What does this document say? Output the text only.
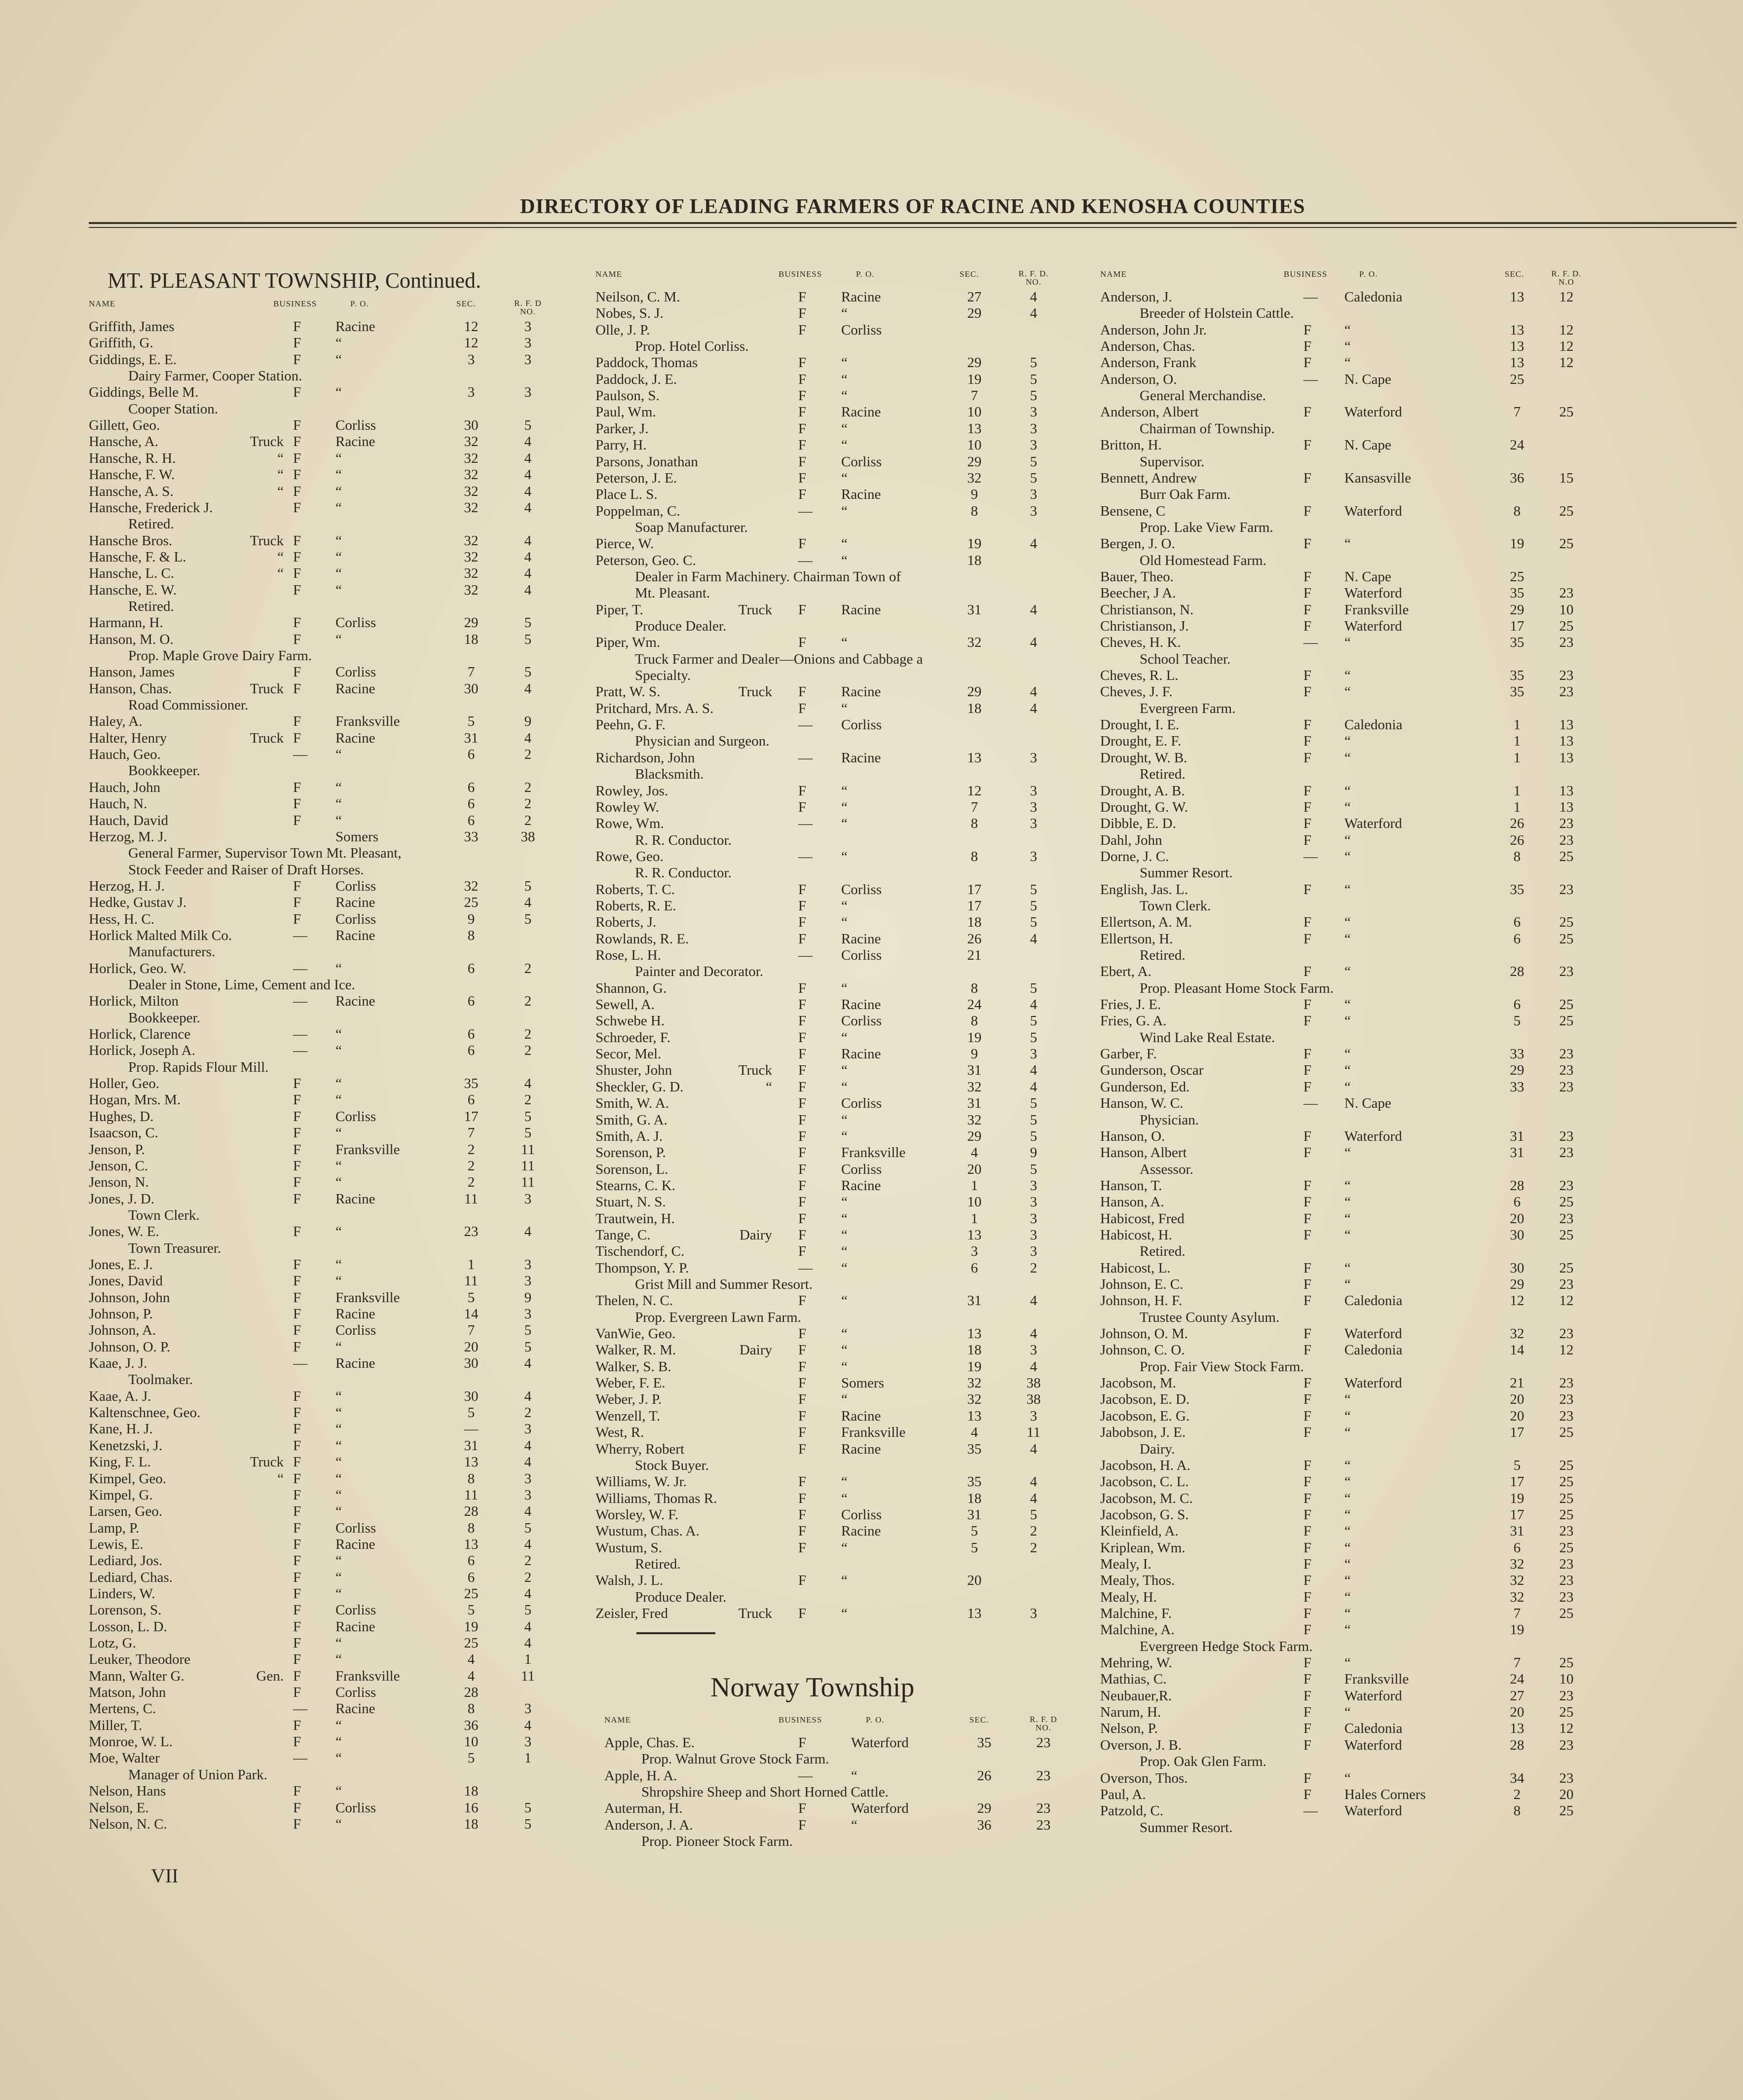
DIRECTORY OF LEADING FARMERS OF RACINE AND KENOSHA COUNTIES
MT. PLEASANT TOWNSHIP, Continued.
NAME	BUSINESS	P. O.	SEC.	R. F. D NO.
Griffith, James	F Racine	12	3
Griffith, G.	F “	12	3
Giddings, E. E.	F “	3	3
Dairy Farmer, Cooper Station.
Giddings, Belle M.	F “	3	3
Cooper Station.
Gillett, Geo.	F Corliss	30	5
Hansche, A.	Truck F Racine	32	4
Hansche, R. H.	“ F “	32	4
Hansche, F. W.	“ F “	32	4
Hansche, A. S.	“ F “	32	4
Hansche, Frederick J.	F “	32	4
Retired.
Hansche Bros.	Truck F “	32	4
Hansche, F. & L.	“ F “	32	4
Hansche, L. C.	“ F “	32	4
Hansche, E. W.	F “	32	4
Retired.
Harmann, H.	F Corliss	29	5
Hanson, M. O.	F “	18	5
Prop. Maple Grove Dairy Farm.
Hanson, James	F Corliss	7	5
Hanson, Chas.	Truck F Racine	30	4
Road Commissioner.
Haley, A.	F Franksville	5	9
Halter, Henry	Truck F Racine	31	4
Hauch, Geo.	— “	6	2
Bookkeeper.
Hauch, John	F “	6	2
Hauch, N.	F “	6	2
Hauch, David	F “	6	2
Herzog, M. J.	Somers	33	38
General Farmer, Supervisor Town Mt. Pleasant,
Stock Feeder and Raiser of Draft Horses.
Herzog, H. J.	F Corliss	32	5
Hedke, Gustav J.	F Racine	25	4
Hess, H. C.	F Corliss	9	5
Horlick Malted Milk Co.	— Racine	8
Manufacturers.
Horlick, Geo. W.	— “	6	2
Dealer in Stone, Lime, Cement and Ice.
Horlick, Milton	— Racine	6	2
Bookkeeper.
Horlick, Clarence	— “	6	2
Horlick, Joseph A.	— “	6	2
Prop. Rapids Flour Mill.
Holler, Geo.	F “	35	4
Hogan, Mrs. M.	F “	6	2
Hughes, D.	F Corliss	17	5
Isaacson, C.	F “	7	5
Jenson, P.	F Franksville	2	11
Jenson, C.	F “	2	11
Jenson, N.	F “	2	11
Jones, J. D.	F Racine	11	3
Town Clerk.
Jones, W. E.	F “	23	4
Town Treasurer.
Jones, E. J.	F “	1	3
Jones, David	F “	11	3
Johnson, John	F Franksville	5	9
Johnson, P.	F Racine	14	3
Johnson, A.	F Corliss	7	5
Johnson, O. P.	F “	20	5
Kaae, J. J.	— Racine	30	4
Toolmaker.
Kaae, A. J.	F “	30	4
Kaltenschnee, Geo.	F “	5	2
Kane, H. J.	F “	—	3
Kenetzski, J.	F “	31	4
King, F. L.	Truck F “	13	4
Kimpel, Geo.	“ F “	8	3
Kimpel, G.	F “	11	3
Larsen, Geo.	F “	28	4
Lamp, P.	F Corliss	8	5
Lewis, E.	F Racine	13	4
Lediard, Jos.	F “	6	2
Lediard, Chas.	F “	6	2
Linders, W.	F “	25	4
Lorenson, S.	F Corliss	5	5
Losson, L. D.	F Racine	19	4
Lotz, G.	F “	25	4
Leuker, Theodore	F “	4	1
Mann, Walter G.	Gen. F Franksville	4	11
Matson, John	F Corliss	28
Mertens, C.	— Racine	8	3
Miller, T.	F “	36	4
Monroe, W. L.	F “	10	3
Moe, Walter	— “	5	1
Manager of Union Park.
Nelson, Hans	F “	18
Nelson, E.	F Corliss	16	5
Nelson, N. C.	F “	18	5
NAME	BUSINESS	P. O.	SEC.	R. F. D. NO.
Neilson, C. M.	F Racine	27	4
Nobes, S. J.	F “	29	4
Olle, J. P.	F Corliss
Prop. Hotel Corliss.
Paddock, Thomas	F “	29	5
Paddock, J. E.	F “	19	5
Paulson, S.	F “	7	5
Paul, Wm.	F Racine	10	3
Parker, J.	F “	13	3
Parry, H.	F “	10	3
Parsons, Jonathan	F Corliss	29	5
Peterson, J. E.	F “	32	5
Place L. S.	F Racine	9	3
Poppelman, C.	— “	8	3
Soap Manufacturer.
Pierce, W.	F “	19	4
Peterson, Geo. C.	— “	18
Dealer in Farm Machinery. Chairman Town of
Mt. Pleasant.
Piper, T.	Truck F Racine	31	4
Produce Dealer.
Piper, Wm.	F “	32	4
Truck Farmer and Dealer—Onions and Cabbage a
Specialty.
Pratt, W. S.	Truck F Racine	29	4
Pritchard, Mrs. A. S.	F “	18	4
Peehn, G. F.	— Corliss
Physician and Surgeon.
Richardson, John	— Racine	13	3
Blacksmith.
Rowley, Jos.	F “	12	3
Rowley W.	F “	7	3
Rowe, Wm.	— “	8	3
R. R. Conductor.
Rowe, Geo.	— “	8	3
R. R. Conductor.
Roberts, T. C.	F Corliss	17	5
Roberts, R. E.	F “	17	5
Roberts, J.	F “	18	5
Rowlands, R. E.	F Racine	26	4
Rose, L. H.	— Corliss	21
Painter and Decorator.
Shannon, G.	F “	8	5
Sewell, A.	F Racine	24	4
Schwebe H.	F Corliss	8	5
Schroeder, F.	F “	19	5
Secor, Mel.	F Racine	9	3
Shuster, John	Truck F “	31	4
Sheckler, G. D.	“ F “	32	4
Smith, W. A.	F Corliss	31	5
Smith, G. A.	F “	32	5
Smith, A. J.	F “	29	5
Sorenson, P.	F Franksville	4	9
Sorenson, L.	F Corliss	20	5
Stearns, C. K.	F Racine	1	3
Stuart, N. S.	F “	10	3
Trautwein, H.	F “	1	3
Tange, C.	Dairy F “	13	3
Tischendorf, C.	F “	3	3
Thompson, Y. P.	— “	6	2
Grist Mill and Summer Resort.
Thelen, N. C.	F “	31	4
Prop. Evergreen Lawn Farm.
VanWie, Geo.	F “	13	4
Walker, R. M.	Dairy F “	18	3
Walker, S. B.	F “	19	4
Weber, F. E.	F Somers	32	38
Weber, J. P.	F “	32	38
Wenzell, T.	F Racine	13	3
West, R.	F Franksville	4	11
Wherry, Robert	F Racine	35	4
Stock Buyer.
Williams, W. Jr.	F “	35	4
Williams, Thomas R.	F “	18	4
Worsley, W. F.	F Corliss	31	5
Wustum, Chas. A.	F Racine	5	2
Wustum, S.	F “	5	2
Retired.
Walsh, J. L.	F “	20
Produce Dealer.
Zeisler, Fred	Truck F “	13	3
NAME	BUSINESS	P. O.	SEC.	R. F. D NO.
Apple, Chas. E.	F	Waterford	35	23
Prop. Walnut Grove Stock Farm.
Apple, H. A.	—	“	26	23
Shropshire Sheep and Short Horned Cattle.
Auterman, H.	F	Waterford	29	23
Anderson, J. A.	F	“	36	23
Prop. Pioneer Stock Farm.
NAME	BUSINESS	P. O.	SEC.	R. F. D. N.O
Anderson, J.	— Caledonia	13	12
Breeder of Holstein Cattle.
Anderson, John Jr.	F “	13	12
Anderson, Chas.	F “	13	12
Anderson, Frank	F “	13	12
Anderson, O.	— N. Cape	25
General Merchandise.
Anderson, Albert	F Waterford	7	25
Chairman of Township.
Britton, H.	F N. Cape	24
Supervisor.
Bennett, Andrew	F Kansasville	36	15
Burr Oak Farm.
Bensene, C	F Waterford	8	25
Prop. Lake View Farm.
Bergen, J. O.	F “	19	25
Old Homestead Farm.
Bauer, Theo.	F N. Cape	25
Beecher, J A.	F Waterford	35	23
Christianson, N.	F Franksville	29	10
Christianson, J.	F Waterford	17	25
Cheves, H. K.	— “	35	23
School Teacher.
Cheves, R. L.	F “	35	23
Cheves, J. F.	F “	35	23
Evergreen Farm.
Drought, I. E.	F Caledonia	1	13
Drought, E. F.	F “	1	13
Drought, W. B.	F “	1	13
Retired.
Drought, A. B.	F “	1	13
Drought, G. W.	F “	1	13
Dibble, E. D.	F Waterford	26	23
Dahl, John	F “	26	23
Dorne, J. C.	— “	8	25
Summer Resort.
English, Jas. L.	F “	35	23
Town Clerk.
Ellertson, A. M.	F “	6	25
Ellertson, H.	F “	6	25
Retired.
Ebert, A.	F “	28	23
Prop. Pleasant Home Stock Farm.
Fries, J. E.	F “	6	25
Fries, G. A.	F “	5	25
Wind Lake Real Estate.
Garber, F.	F “	33	23
Gunderson, Oscar	F “	29	23
Gunderson, Ed.	F “	33	23
Hanson, W. C.	— N. Cape
Physician.
Hanson, O.	F Waterford	31	23
Hanson, Albert	F “	31	23
Assessor.
Hanson, T.	F “	28	23
Hanson, A.	F “	6	25
Habicost, Fred	F “	20	23
Habicost, H.	F “	30	25
Retired.
Habicost, L.	F “	30	25
Johnson, E. C.	F “	29	23
Johnson, H. F.	F Caledonia	12	12
Trustee County Asylum.
Johnson, O. M.	F Waterford	32	23
Johnson, C. O.	F Caledonia	14	12
Prop. Fair View Stock Farm.
Jacobson, M.	F Waterford	21	23
Jacobson, E. D.	F “	20	23
Jacobson, E. G.	F “	20	23
Jabobson, J. E.	F “	17	25
Dairy.
Jacobson, H. A.	F “	5	25
Jacobson, C. L.	F “	17	25
Jacobson, M. C.	F “	19	25
Jacobson, G. S.	F “	17	25
Kleinfield, A.	F “	31	23
Kriplean, Wm.	F “	6	25
Mealy, I.	F “	32	23
Mealy, Thos.	F “	32	23
Mealy, H.	F “	32	23
Malchine, F.	F “	7	25
Malchine, A.	F “	19
Evergreen Hedge Stock Farm.
Mehring, W.	F “	7	25
Mathias, C.	F Franksville	24	10
Neubauer,R.	F Waterford	27	23
Narum, H.	F “	20	25
Nelson, P.	F Caledonia	13	12
Overson, J. B.	F Waterford	28	23
Prop. Oak Glen Farm.
Overson, Thos.	F “	34	23
Paul, A.	F Hales Corners	2	20
Patzold, C.	— Waterford	8	25
Summer Resort.
Norway Township
VII
